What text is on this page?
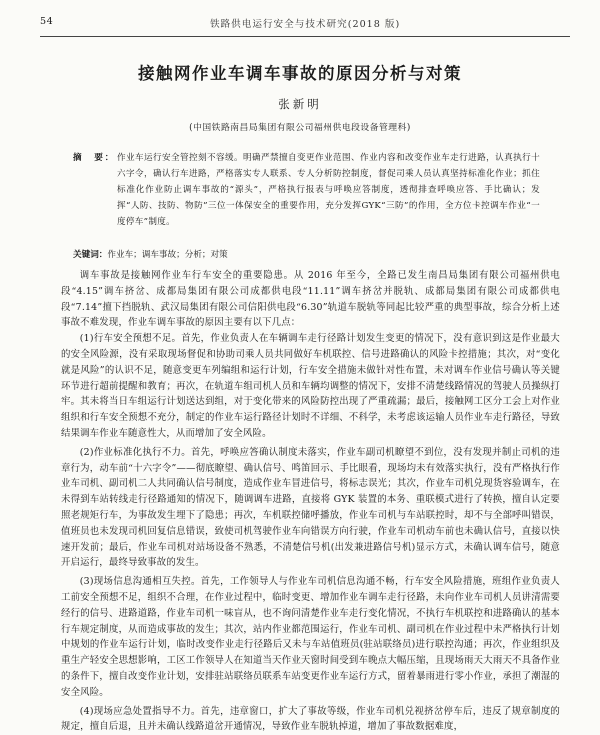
54	铁路供电运行安全与技术研究(2018 版)
接触网作业车调车事故的原因分析与对策
张新明
(中国铁路南昌局集团有限公司福州供电段设备管理科)
摘　要： 作业车运行安全管控刻不容缓。明确严禁擅自变更作业范围、作业内容和改变作业车走行进路，认真执行十六字令，确认行车进路，严格落实专人联系、专人分析防控制度，督促司乘人员认真坚持标准化作业；抓住标准化作业防止调车事故的“源头”，严格执行报表与呼唤应答制度，透彻排查呼唤应答、手比确认；发挥“人防、技防、物防”三位一体保安全的重要作用，充分发挥GYK“三防”的作用，全方位卡控调车作业“一度停车”制度。
关键词：作业车；调车事故；分析；对策

调车事故是接触网作业车行车安全的重要隐患。从 2016 年至今，全路已发生南昌局集团有限公司福州供电段“4.15”调车挤岔、成都局集团有限公司成都供电段“11.11”调车挤岔并脱轨、成都局集团有限公司成都供电段“7.14”擅下挡脱轨、武汉局集团有限公司信阳供电段“6.30”轨道车脱轨等同起比较严重的典型事故，综合分析上述事故不难发现，作业车调车事故的原因主要有以下几点：

(1)行车安全预想不足。首先，作业负责人在车辆调车走行径路计划发生变更的情况下，没有意识到这是作业最大的安全风险源，没有采取现场督促和协助司乘人员共同做好车机联控、信号进路确认的风险卡控措施；其次，对“变化就是风险”的认识不足，随意变更车列编组和运行计划，行车安全措施未做针对性布置，未对调车作业信号确认等关键环节进行超前提醒和教育；再次，在轨道车组司机人员和车辆均调整的情况下，安排不清楚线路情况的驾驶人员操纵打牢。其未将当日车组运行计划送达到组，对于变化带来的风险防控出现了严重疏漏；最后，接触网工区分工会上对作业组织和行车安全预想不充分，制定的作业车运行路径计划时不详细、不科学，未考虑该运输人员作业车走行路径，导致结果调车作业车随意性大，从而增加了安全风险。

(2)作业标准化执行不力。首先，呼唤应答确认制度未落实，作业车副司机瞭望不到位，没有发现并制止司机的违章行为，动车前“十六字令”——彻底瞭望、确认信号、鸣笛回示、手比眼看，现场均未有效落实执行，没有严格执行作业车司机、副司机二人共同确认信号制度，造成作业车冒进信号，将标志误光；其次，作业车司机兑现货容验调车，在未得到车站转线走行径路通知的情况下，随调调车进路，直接将 GYK 装置的本务、重联模式进行了转换，擅自认定要照老规矩行车，为事故发生埋下了隐患；再次，车机联控储呼播放，作业车司机与车站联控时，却不与全部呼叫错误，值班员也未发现司机回复信息错误，致使司机驾驶作业车向错误方向行驶，作业车司机动车前也未确认信号，直接以快速开发前；最后，作业车司机对站场设备不熟悉，不清楚信号机(出发兼进路信号机)显示方式，未确认调车信号，随意开启运行，最终导致事故的发生。

(3)现场信息沟通相互失控。首先，工作领导人与作业车司机信息沟通不畅，行车安全风险措施，班组作业负责人工前安全预想不足，组织不合理，在作业过程中，临时变更、增加作业车调车走行径路，未向作业车司机人员讲清需要经行的信号、进路道路，作业车司机一味盲从，也不询问清楚作业车走行变化情况，不执行车机联控和进路确认的基本行车规定制度，从而造成事故的发生；其次，站内作业都范围运行，作业车司机、副司机在作业过程中未严格执行计划中规划的作业车运行计划，临时改变作业走行径路后又未与车站值班员(驻站联络员)进行联控沟通；再次，作业组织及重生产轻安全思想影响，工区工作领导人在知道当天作业天窗时间受到车晚点大幅压缩，且现场雨天大雨天不具备作业的条件下，擅自改变作业计划，安排驻站联络员联系车站变更作业车运行方式，留着暴雨进行零小作业，承担了潮湿的安全风险。

(4)现场应急处置指导不力。首先，违章窗口，扩大了事故等级，作业车司机兑视挤岔停车后，违反了规章制度的规定，擅自后退，且并未确认线路道岔开通情况，导致作业车脱轨掉道，增加了事故数据难度，
